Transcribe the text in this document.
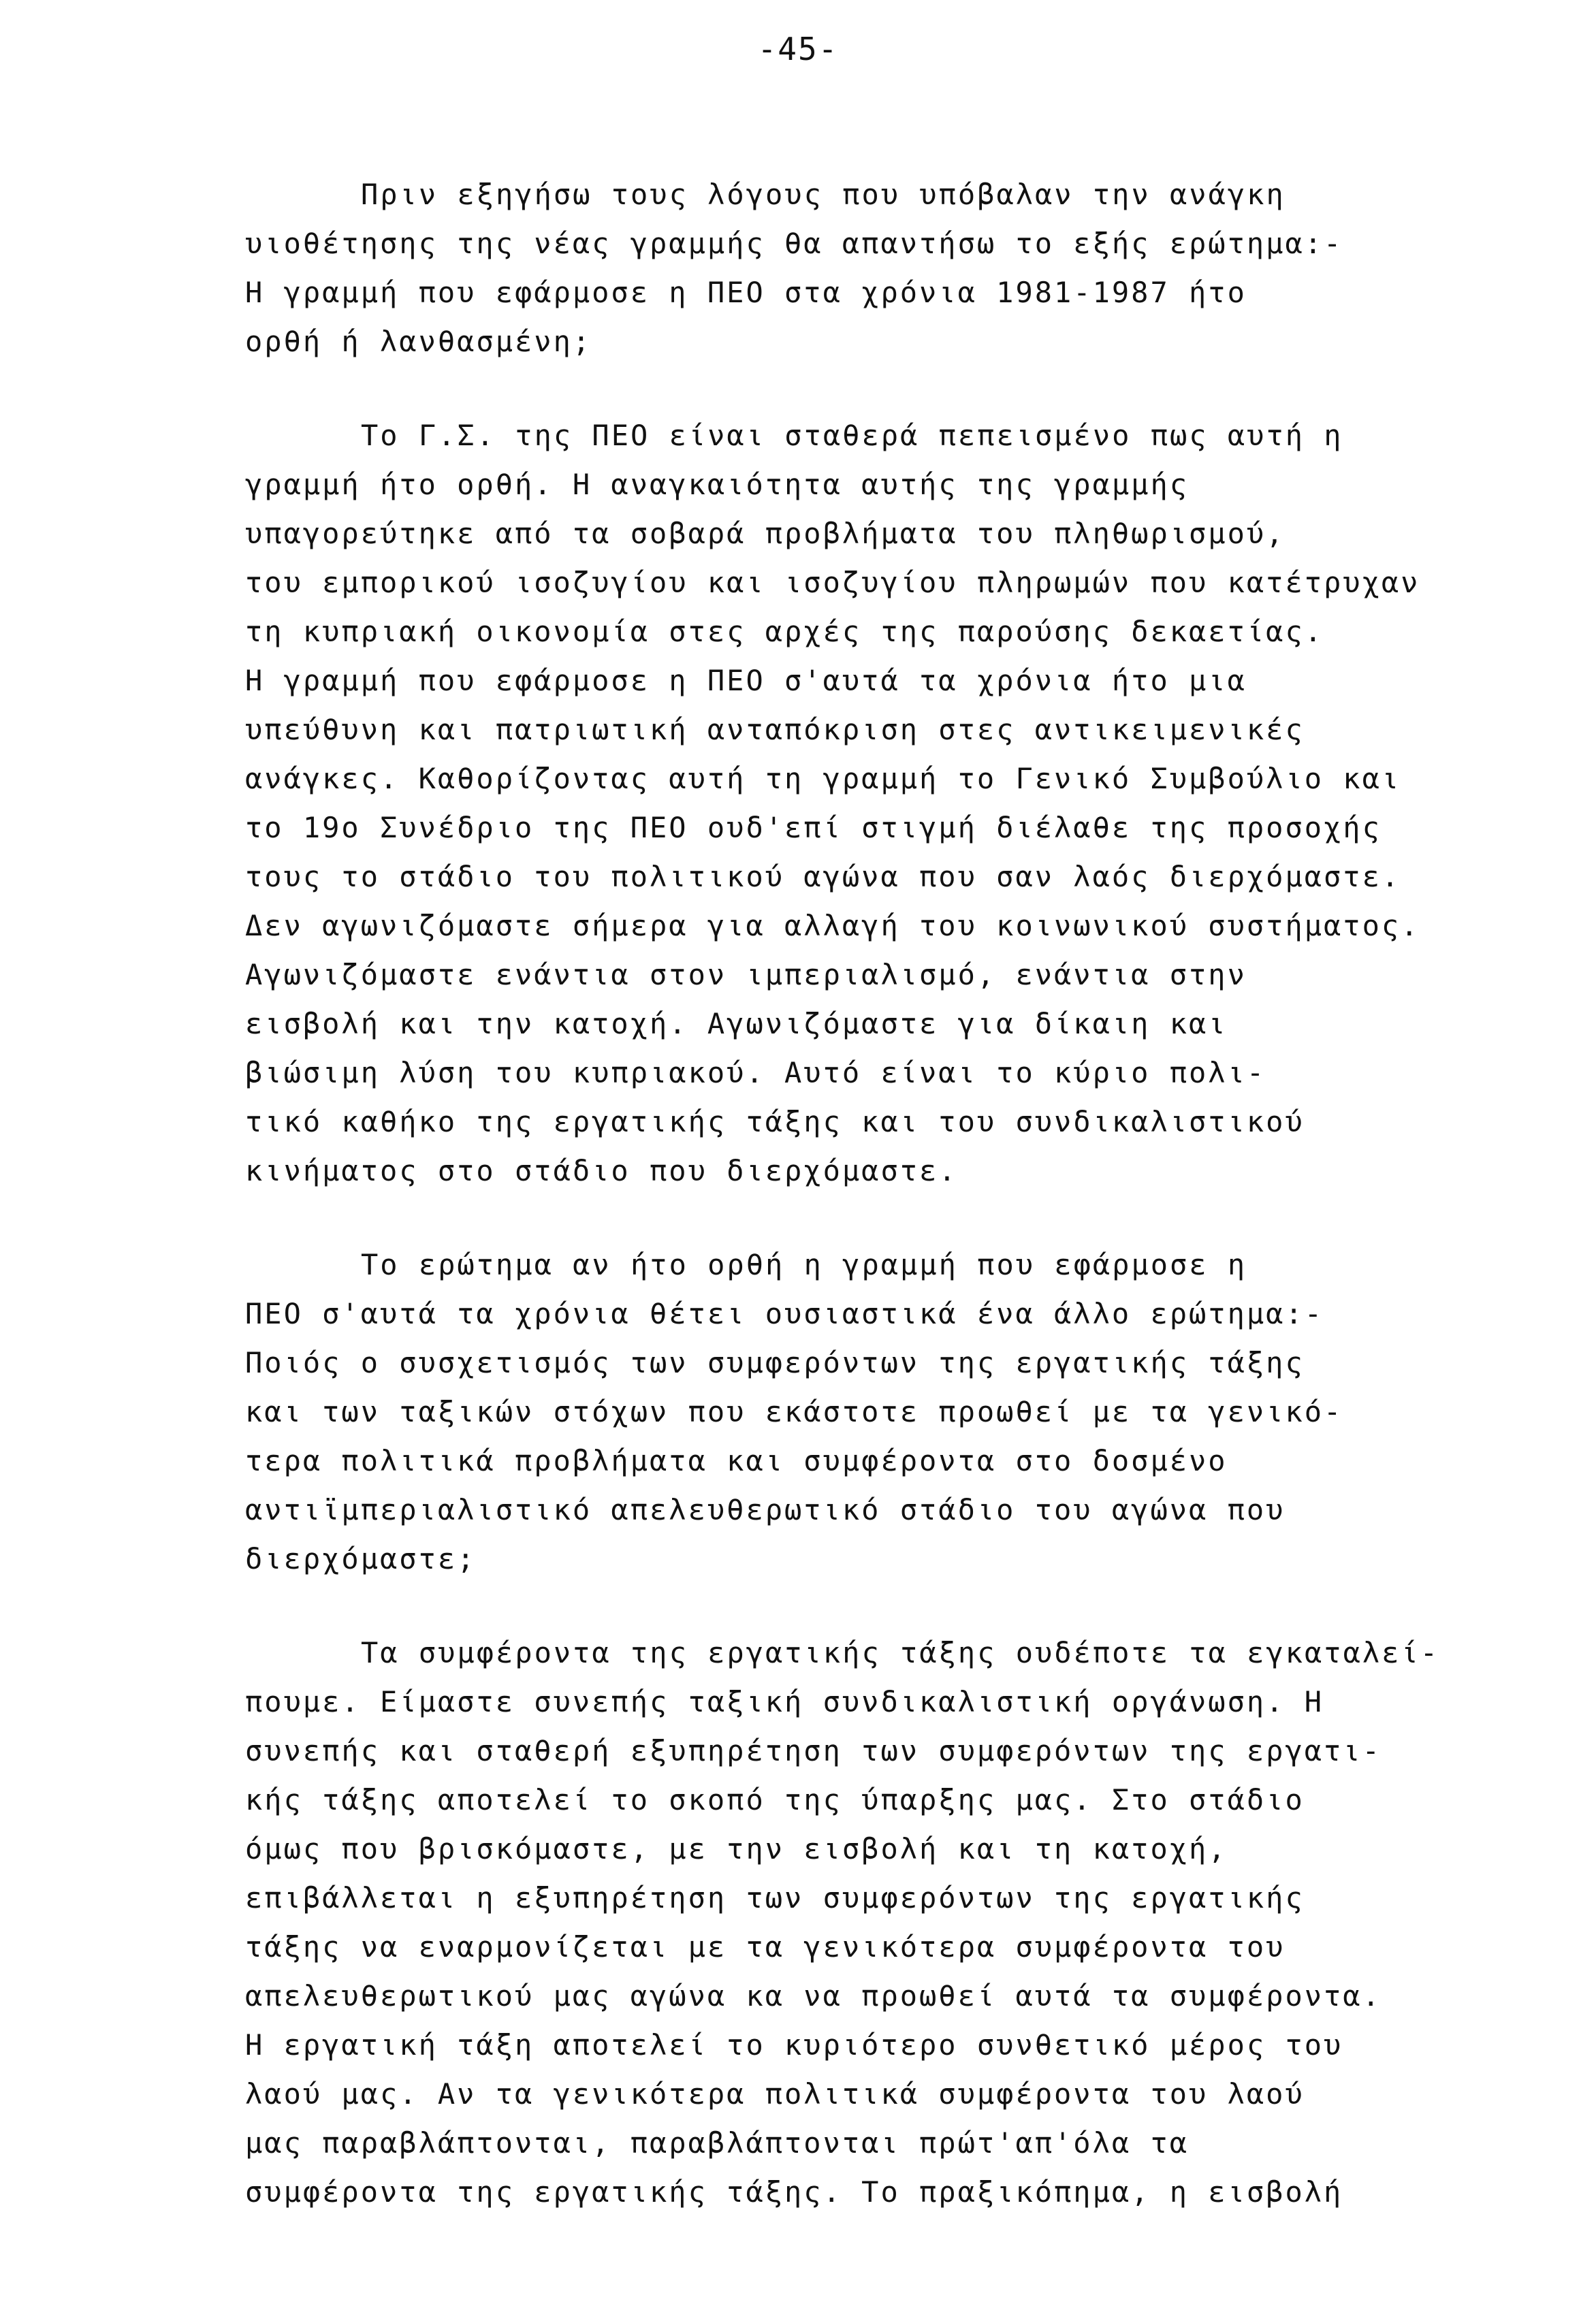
-45-
Πριν εξηγήσω τους λόγους που υπόβαλαν την ανάγκη
υιοθέτησης της νέας γραμμής θα απαντήσω το εξής ερώτημα:-
Η γραμμή που εφάρμοσε η ΠΕΟ στα χρόνια 1981-1987 ήτο
ορθή ή λανθασμένη;
Το Γ.Σ. της ΠΕΟ είναι σταθερά πεπεισμένο πως αυτή η
γραμμή ήτο ορθή. Η αναγκαιότητα αυτής της γραμμής
υπαγορεύτηκε από τα σοβαρά προβλήματα του πληθωρισμού,
του εμπορικού ισοζυγίου και ισοζυγίου πληρωμών που κατέτρυχαν
τη κυπριακή οικονομία στες αρχές της παρούσης δεκαετίας.
Η γραμμή που εφάρμοσε η ΠΕΟ σ'αυτά τα χρόνια ήτο μια
υπεύθυνη και πατριωτική ανταπόκριση στες αντικειμενικές
ανάγκες. Καθορίζοντας αυτή τη γραμμή το Γενικό Συμβούλιο και
το 19ο Συνέδριο της ΠΕΟ ουδ'επί στιγμή διέλαθε της προσοχής
τους το στάδιο του πολιτικού αγώνα που σαν λαός διερχόμαστε.
Δεν αγωνιζόμαστε σήμερα για αλλαγή του κοινωνικού συστήματος.
Αγωνιζόμαστε ενάντια στον ιμπεριαλισμό, ενάντια στην
εισβολή και την κατοχή. Αγωνιζόμαστε για δίκαιη και
βιώσιμη λύση του κυπριακού. Αυτό είναι το κύριο πολι-
τικό καθήκο της εργατικής τάξης και του συνδικαλιστικού
κινήματος στο στάδιο που διερχόμαστε.
Το ερώτημα αν ήτο ορθή η γραμμή που εφάρμοσε η
ΠΕΟ σ'αυτά τα χρόνια θέτει ουσιαστικά ένα άλλο ερώτημα:-
Ποιός ο συσχετισμός των συμφερόντων της εργατικής τάξης
και των ταξικών στόχων που εκάστοτε προωθεί με τα γενικό-
τερα πολιτικά προβλήματα και συμφέροντα στο δοσμένο
αντιϊμπεριαλιστικό απελευθερωτικό στάδιο του αγώνα που
διερχόμαστε;
Τα συμφέροντα της εργατικής τάξης ουδέποτε τα εγκαταλεί-
πουμε. Είμαστε συνεπής ταξική συνδικαλιστική οργάνωση. Η
συνεπής και σταθερή εξυπηρέτηση των συμφερόντων της εργατι-
κής τάξης αποτελεί το σκοπό της ύπαρξης μας. Στο στάδιο
όμως που βρισκόμαστε, με την εισβολή και τη κατοχή,
επιβάλλεται η εξυπηρέτηση των συμφερόντων της εργατικής
τάξης να εναρμονίζεται με τα γενικότερα συμφέροντα του
απελευθερωτικού μας αγώνα κα να προωθεί αυτά τα συμφέροντα.
Η εργατική τάξη αποτελεί το κυριότερο συνθετικό μέρος του
λαού μας. Αν τα γενικότερα πολιτικά συμφέροντα του λαού
μας παραβλάπτονται, παραβλάπτονται πρώτ'απ'όλα τα
συμφέροντα της εργατικής τάξης. Το πραξικόπημα, η εισβολή
